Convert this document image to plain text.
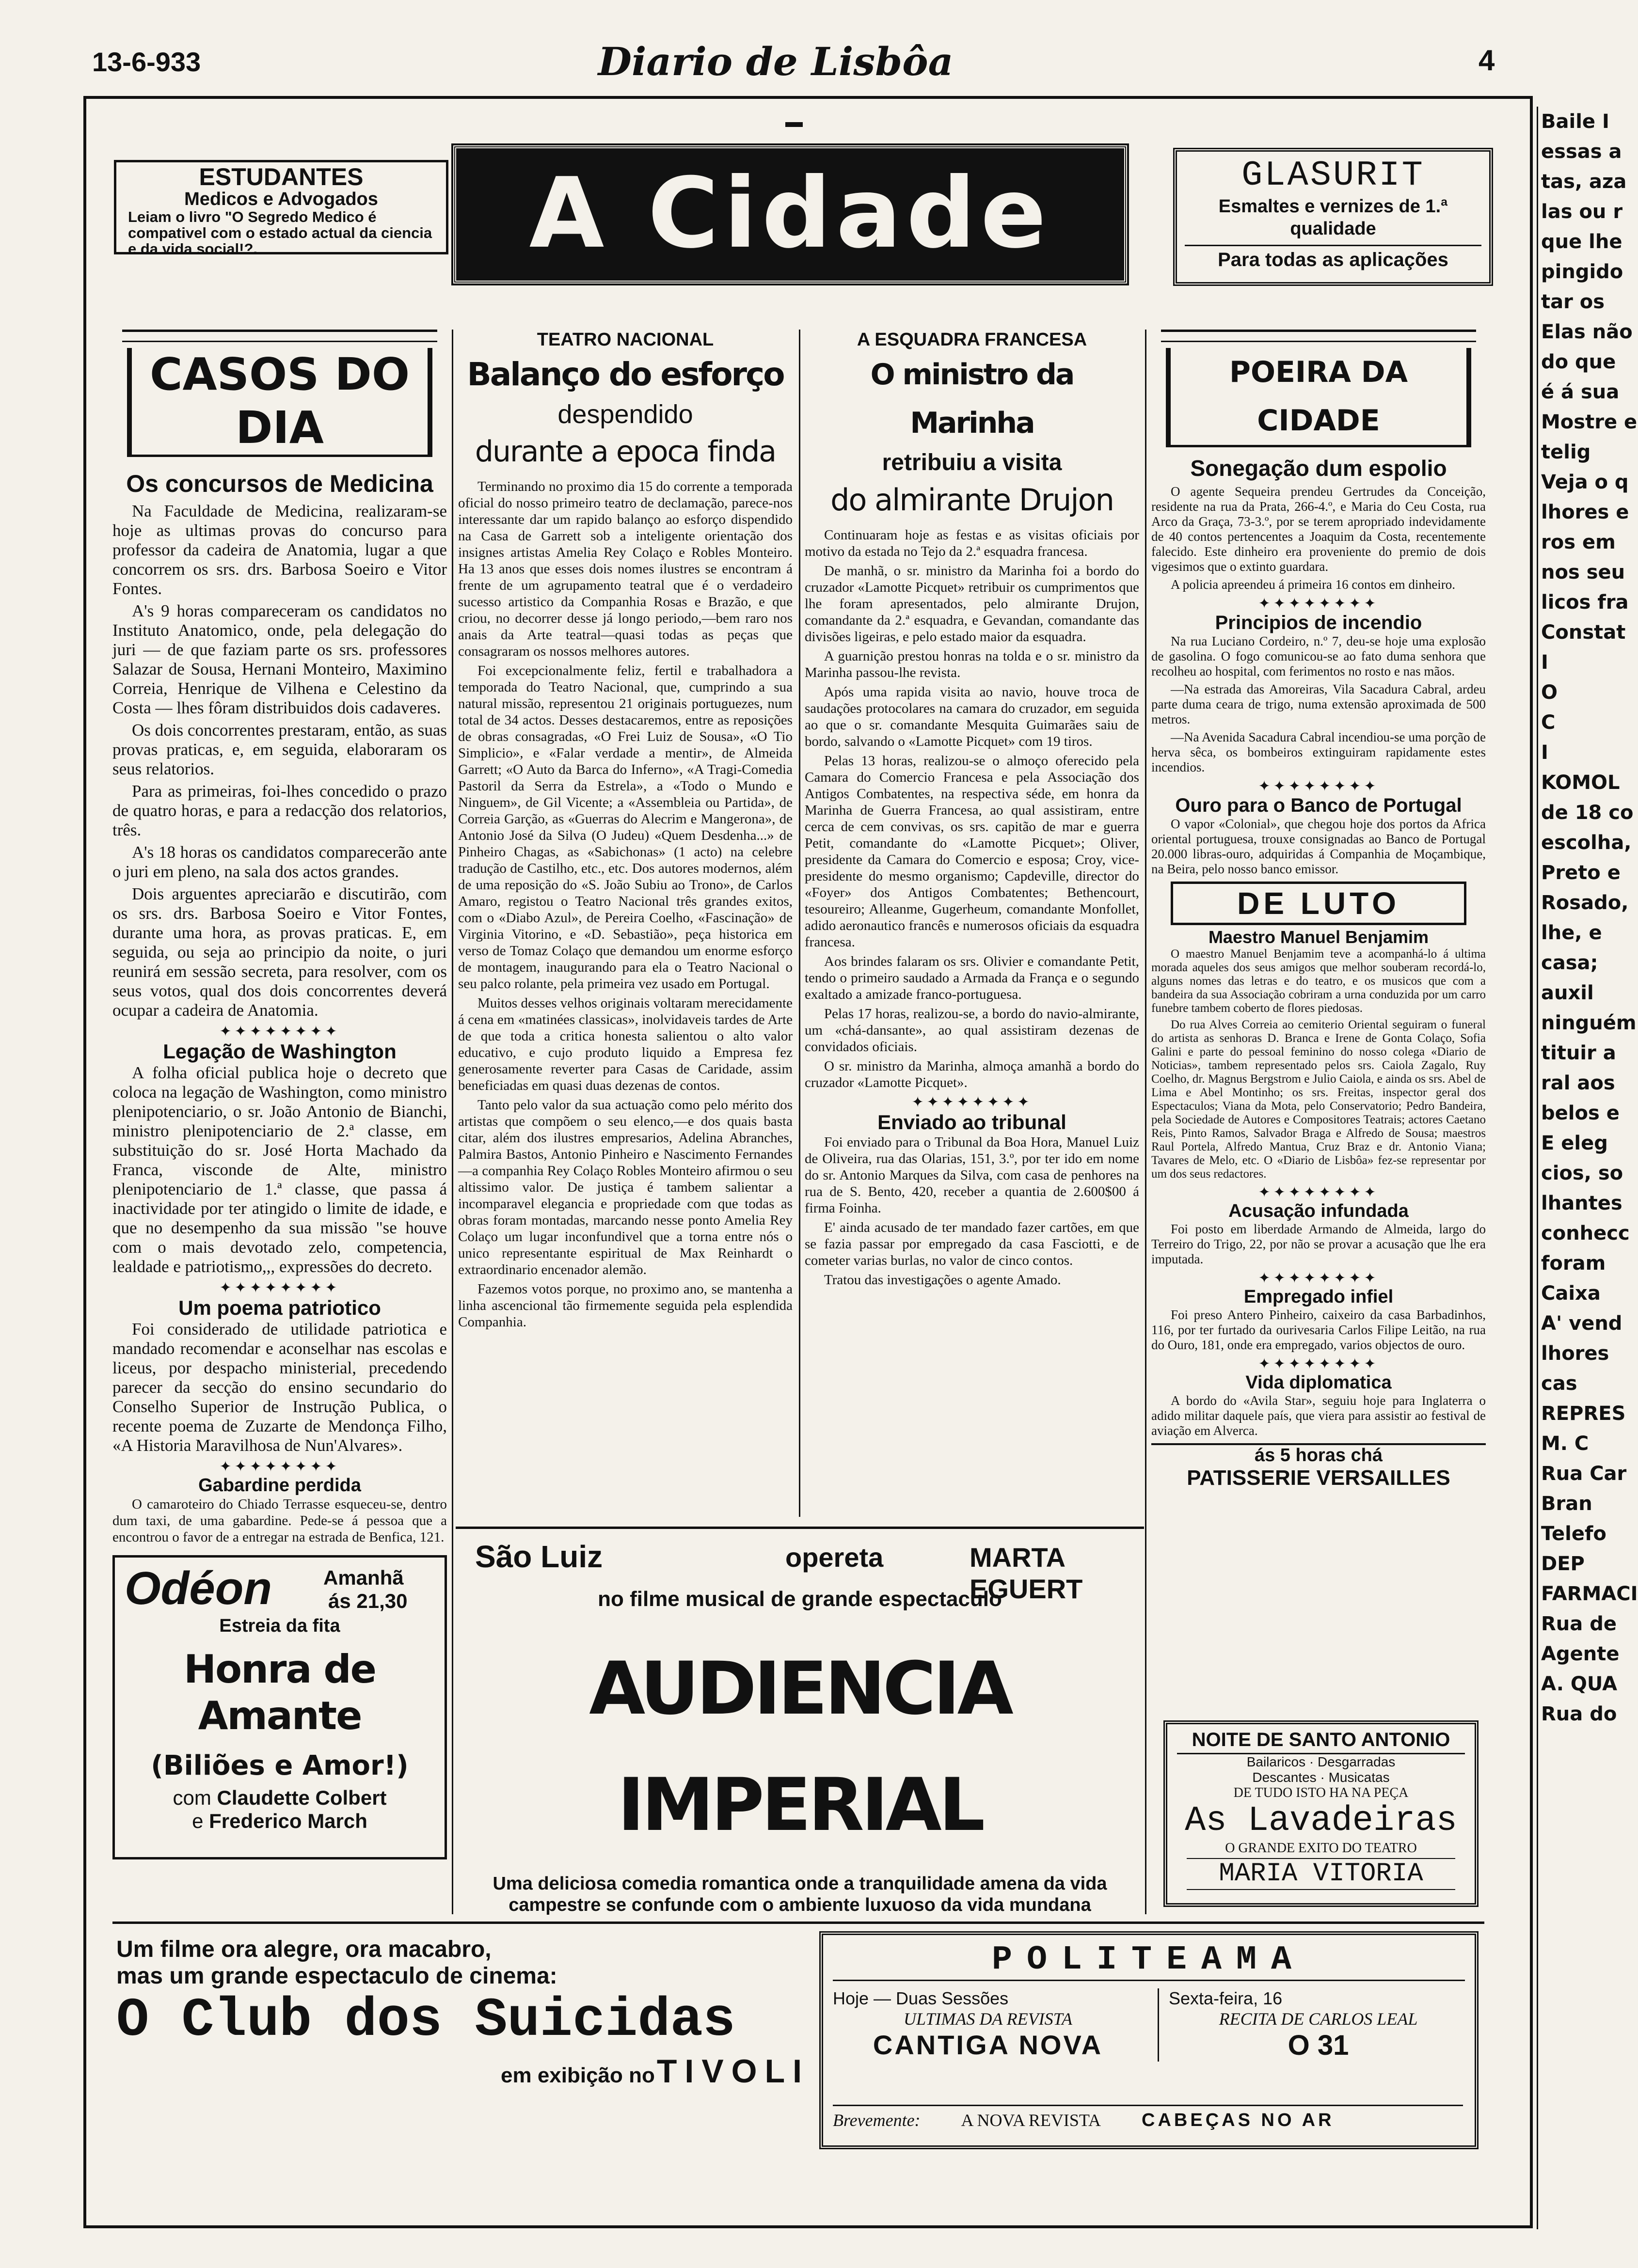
13-6-933	Diario de Lisbôa	4
ESTUDANTES
Medicos e Advogados
Leiam o livro "O Segredo Medico é compativel com o estado actual da ciencia e da vida social!?.	A Cidade	GLASURIT
Esmaltes e vernizes de 1.ª qualidade
Para todas as aplicações
CASOS DO DIA
Os concursos de Medicina

Na Faculdade de Medicina, realizaram-se hoje as ultimas provas do concurso para professor da cadeira de Anatomia, lugar a que concorrem os srs. drs. Barbosa Soeiro e Vitor Fontes.

A's 9 horas compareceram os candidatos no Instituto Anatomico, onde, pela delegação do juri — de que faziam parte os srs. professores Salazar de Sousa, Hernani Monteiro, Maximino Correia, Henrique de Vilhena e Celestino da Costa — lhes fôram distribuidos dois cadaveres.

Os dois concorrentes prestaram, então, as suas provas praticas, e, em seguida, elaboraram os seus relatorios.

Para as primeiras, foi-lhes concedido o prazo de quatro horas, e para a redacção dos relatorios, três.

A's 18 horas os candidatos comparecerão ante o juri em pleno, na sala dos actos grandes.

Dois arguentes apreciarão e discutirão, com os srs. drs. Barbosa Soeiro e Vitor Fontes, durante uma hora, as provas praticas. E, em seguida, ou seja ao principio da noite, o juri reunirá em sessão secreta, para resolver, com os seus votos, qual dos dois concorrentes deverá ocupar a cadeira de Anatomia.

✦✦✦✦✦✦✦✦
Legação de Washington

A folha oficial publica hoje o decreto que coloca na legação de Washington, como ministro plenipotenciario, o sr. João Antonio de Bianchi, ministro plenipotenciario de 2.ª classe, em substituição do sr. José Horta Machado da Franca, visconde de Alte, ministro plenipotenciario de 1.ª classe, que passa á inactividade por ter atingido o limite de idade, e que no desempenho da sua missão "se houve com o mais devotado zelo, competencia, lealdade e patriotismo,,, expressões do decreto.

✦✦✦✦✦✦✦✦
Um poema patriotico

Foi considerado de utilidade patriotica e mandado recomendar e aconselhar nas escolas e liceus, por despacho ministerial, precedendo parecer da secção do ensino secundario do Conselho Superior de Instrução Publica, o recente poema de Zuzarte de Mendonça Filho, «A Historia Maravilhosa de Nun'Alvares».

✦✦✦✦✦✦✦✦
Gabardine perdida

O camaroteiro do Chiado Terrasse esqueceu-se, dentro dum taxi, de uma gabardine. Pede-se á pessoa que a encontrou o favor de a entregar na estrada de Benfica, 121.

Odéon	Amanhã
ás 21,30
Estreia da fita
Honra de Amante
(Biliões e Amor!)
com Claudette Colbert
e Frederico March
TEATRO NACIONAL
Balanço do esforço
despendido
durante a epoca finda

Terminando no proximo dia 15 do corrente a temporada oficial do nosso primeiro teatro de declamação, parece-nos interessante dar um rapido balanço ao esforço dispendido na Casa de Garrett sob a inteligente orientação dos insignes artistas Amelia Rey Colaço e Robles Monteiro. Ha 13 anos que esses dois nomes ilustres se encontram á frente de um agrupamento teatral que é o verdadeiro sucesso artistico da Companhia Rosas e Brazão, e que criou, no decorrer desse já longo periodo,—bem raro nos anais da Arte teatral—quasi todas as peças que consagraram os nossos melhores autores.

Foi excepcionalmente feliz, fertil e trabalhadora a temporada do Teatro Nacional, que, cumprindo a sua natural missão, representou 21 originais portuguezes, num total de 34 actos. Desses destacaremos, entre as reposições de obras consagradas, «O Frei Luiz de Sousa», «O Tio Simplicio», e «Falar verdade a mentir», de Almeida Garrett; «O Auto da Barca do Inferno», «A Tragi-Comedia Pastoril da Serra da Estrela», a «Todo o Mundo e Ninguem», de Gil Vicente; a «Assembleia ou Partida», de Correia Garção, as «Guerras do Alecrim e Mangerona», de Antonio José da Silva (O Judeu) «Quem Desdenha...» de Pinheiro Chagas, as «Sabichonas» (1 acto) na celebre tradução de Castilho, etc., etc. Dos autores modernos, além de uma reposição do «S. João Subiu ao Trono», de Carlos Amaro, registou o Teatro Nacional três grandes exitos, com o «Diabo Azul», de Pereira Coelho, «Fascinação» de Virginia Vitorino, e «D. Sebastião», peça historica em verso de Tomaz Colaço que demandou um enorme esforço de montagem, inaugurando para ela o Teatro Nacional o seu palco rolante, pela primeira vez usado em Portugal.

Muitos desses velhos originais voltaram merecidamente á cena em «matinées classicas», inolvidaveis tardes de Arte de que toda a critica honesta salientou o alto valor educativo, e cujo produto liquido a Empresa fez generosamente reverter para Casas de Caridade, assim beneficiadas em quasi duas dezenas de contos.

Tanto pelo valor da sua actuação como pelo mérito dos artistas que compõem o seu elenco,—e dos quais basta citar, além dos ilustres empresarios, Adelina Abranches, Palmira Bastos, Antonio Pinheiro e Nascimento Fernandes—a companhia Rey Colaço Robles Monteiro afirmou o seu altissimo valor. De justiça é tambem salientar a incomparavel elegancia e propriedade com que todas as obras foram montadas, marcando nesse ponto Amelia Rey Colaço um lugar inconfundivel que a torna entre nós o unico representante espiritual de Max Reinhardt o extraordinario encenador alemão.

Fazemos votos porque, no proximo ano, se mantenha a linha ascencional tão firmemente seguida pela esplendida Companhia.

A ESQUADRA FRANCESA
O ministro da Marinha
retribuiu a visita
do almirante Drujon

Continuaram hoje as festas e as visitas oficiais por motivo da estada no Tejo da 2.ª esquadra francesa.

De manhã, o sr. ministro da Marinha foi a bordo do cruzador «Lamotte Picquet» retribuir os cumprimentos que lhe foram apresentados, pelo almirante Drujon, comandante da 2.ª esquadra, e Gevandan, comandante das divisões ligeiras, e pelo estado maior da esquadra.

A guarnição prestou honras na tolda e o sr. ministro da Marinha passou-lhe revista.

Após uma rapida visita ao navio, houve troca de saudações protocolares na camara do cruzador, em seguida ao que o sr. comandante Mesquita Guimarães saiu de bordo, salvando o «Lamotte Picquet» com 19 tiros.

Pelas 13 horas, realizou-se o almoço oferecido pela Camara do Comercio Francesa e pela Associação dos Antigos Combatentes, na respectiva séde, em honra da Marinha de Guerra Francesa, ao qual assistiram, entre cerca de cem convivas, os srs. capitão de mar e guerra Petit, comandante do «Lamotte Picquet»; Oliver, presidente da Camara do Comercio e esposa; Croy, vice-presidente do mesmo organismo; Capdeville, director do «Foyer» dos Antigos Combatentes; Bethencourt, tesoureiro; Alleanme, Gugerheum, comandante Monfollet, adido aeronautico francês e numerosos oficiais da esquadra francesa.

Aos brindes falaram os srs. Olivier e comandante Petit, tendo o primeiro saudado a Armada da França e o segundo exaltado a amizade franco-portuguesa.

Pelas 17 horas, realizou-se, a bordo do navio-almirante, um «chá-dansante», ao qual assistiram dezenas de convidados oficiais.

O sr. ministro da Marinha, almoça amanhã a bordo do cruzador «Lamotte Picquet».

✦✦✦✦✦✦✦✦
Enviado ao tribunal

Foi enviado para o Tribunal da Boa Hora, Manuel Luiz de Oliveira, rua das Olarias, 151, 3.º, por ter ido em nome do sr. Antonio Marques da Silva, com casa de penhores na rua de S. Bento, 420, receber a quantia de 2.600$00 á firma Foinha.

E' ainda acusado de ter mandado fazer cartões, em que se fazia passar por empregado da casa Fasciotti, e de cometer varias burlas, no valor de cinco contos.

Tratou das investigações o agente Amado.

POEIRA DA CIDADE
Sonegação dum espolio

O agente Sequeira prendeu Gertrudes da Conceição, residente na rua da Prata, 266-4.º, e Maria do Ceu Costa, rua Arco da Graça, 73-3.º, por se terem apropriado indevidamente de 40 contos pertencentes a Joaquim da Costa, recentemente falecido. Este dinheiro era proveniente do premio de dois vigesimos que o extinto guardara.

A policia apreendeu á primeira 16 contos em dinheiro.

✦✦✦✦✦✦✦✦
Principios de incendio

Na rua Luciano Cordeiro, n.º 7, deu-se hoje uma explosão de gasolina. O fogo comunicou-se ao fato duma senhora que recolheu ao hospital, com ferimentos no rosto e nas mãos.

—Na estrada das Amoreiras, Vila Sacadura Cabral, ardeu parte duma ceara de trigo, numa extensão aproximada de 500 metros.

—Na Avenida Sacadura Cabral incendiou-se uma porção de herva sêca, os bombeiros extinguiram rapidamente estes incendios.

✦✦✦✦✦✦✦✦
Ouro para o Banco de Portugal

O vapor «Colonial», que chegou hoje dos portos da Africa oriental portuguesa, trouxe consignadas ao Banco de Portugal 20.000 libras-ouro, adquiridas á Companhia de Moçambique, na Beira, pelo nosso banco emissor.

DE LUTO
Maestro Manuel Benjamim

O maestro Manuel Benjamim teve a acompanhá-lo á ultima morada aqueles dos seus amigos que melhor souberam recordá-lo, alguns nomes das letras e do teatro, e os musicos que com a bandeira da sua Associação cobriram a urna conduzida por um carro funebre tambem coberto de flores piedosas.

Do rua Alves Correia ao cemiterio Oriental seguiram o funeral do artista as senhoras D. Branca e Irene de Gonta Colaço, Sofia Galini e parte do pessoal feminino do nosso colega «Diario de Noticias», tambem representado pelos srs. Caiola Zagalo, Ruy Coelho, dr. Magnus Bergstrom e Julio Caiola, e ainda os srs. Abel de Lima e Abel Montinho; os srs. Freitas, inspector geral dos Espectaculos; Viana da Mota, pelo Conservatorio; Pedro Bandeira, pela Sociedade de Autores e Compositores Teatrais; actores Caetano Reis, Pinto Ramos, Salvador Braga e Alfredo de Sousa; maestros Raul Portela, Alfredo Mantua, Cruz Braz e dr. Antonio Viana; Tavares de Melo, etc. O «Diario de Lisbôa» fez-se representar por um dos seus redactores.

✦✦✦✦✦✦✦✦
Acusação infundada

Foi posto em liberdade Armando de Almeida, largo do Terreiro do Trigo, 22, por não se provar a acusação que lhe era imputada.

✦✦✦✦✦✦✦✦
Empregado infiel

Foi preso Antero Pinheiro, caixeiro da casa Barbadinhos, 116, por ter furtado da ourivesaria Carlos Filipe Leitão, na rua do Ouro, 181, onde era empregado, varios objectos de ouro.

✦✦✦✦✦✦✦✦
Vida diplomatica

A bordo do «Avila Star», seguiu hoje para Inglaterra o adido militar daquele país, que viera para assistir ao festival de aviação em Alverca.

ás 5 horas chá
PATISSERIE VERSAILLES
NOITE DE SANTO ANTONIO
Bailaricos · Desgarradas
Descantes · Musicatas
DE TUDO ISTO HA NA PEÇA
As Lavadeiras
O GRANDE EXITO DO TEATRO
MARIA VITORIA
São Luiz	opereta	MARTA EGUERT
no filme musical de grande espectaculo
AUDIENCIA IMPERIAL
Uma deliciosa comedia romantica onde a tranquilidade amena da vida campestre se confunde com o ambiente luxuoso da vida mundana
Um filme ora alegre, ora macabro,
mas um grande espectaculo de cinema:
O Club dos Suicidas
em exibição no TIVOLI
POLITEAMA
Hoje — Duas Sessões
ULTIMAS DA REVISTA
CANTIGA NOVA
Sexta-feira, 16
RECITA DE CARLOS LEAL
O 31
Brevemente: A NOVA REVISTA CABEÇAS NO AR
Baile I
essas a
tas, aza
las ou r
que lhe
pingido
tar os
Elas não
do que
é á sua
Mostre e
telig
Veja o q
lhores e
ros em
nos seu
licos fra
Constat
I
O
C
I
KOMOL
de 18 co
escolha,
Preto e
Rosado,
lhe, e
casa;
auxil
ninguém
tituir a
ral aos
belos e
E eleg
cios, so
lhantes
conhecc
foram
Caixa
A' vend
lhores
cas
REPRES
M. C
Rua Car
Bran
Telefo
DEP
FARMACI
Rua de
Agente
A. QUA
Rua do
